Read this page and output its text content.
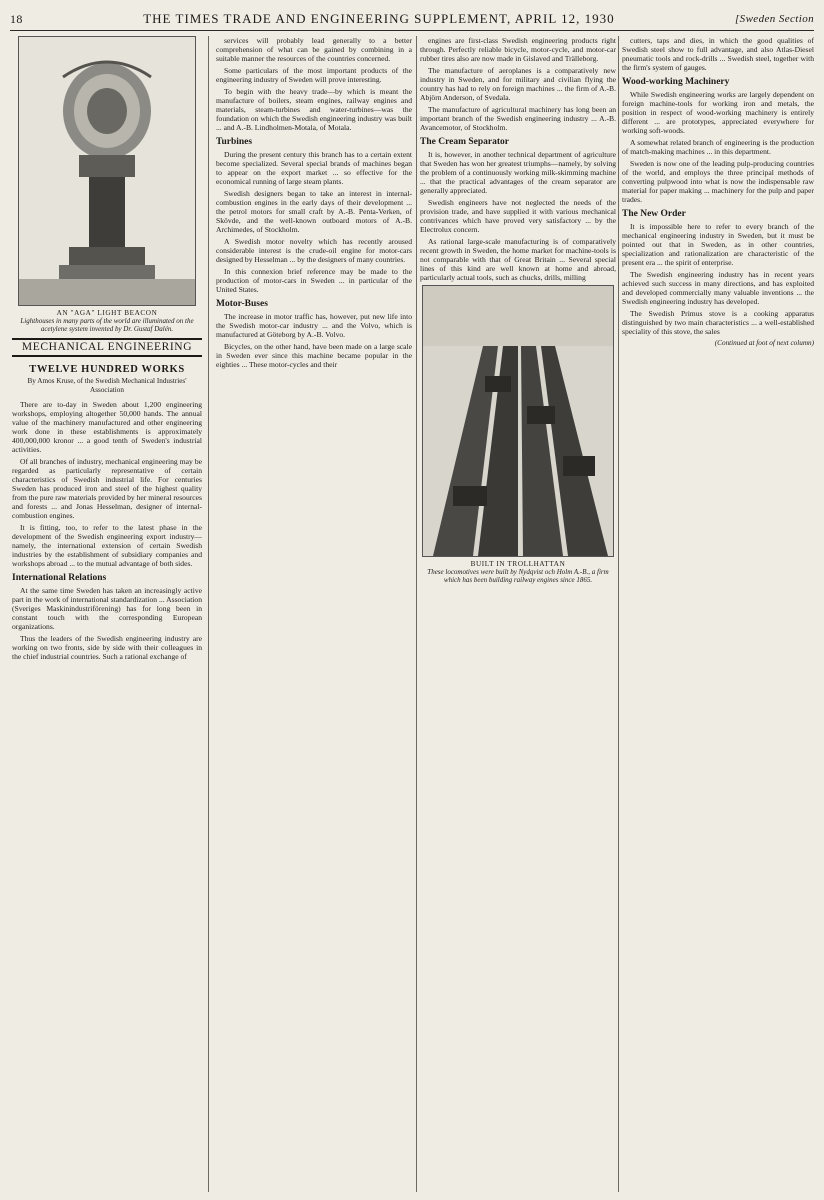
18	THE TIMES TRADE AND ENGINEERING SUPPLEMENT, APRIL 12, 1930	[Sweden Section
AN "AGA" LIGHT BEACON
Lighthouses in many parts of the world are illuminated on the acetylene system invented by Dr. Gustaf Dalén.
MECHANICAL ENGINEERING
TWELVE HUNDRED WORKS
By Amos Kruse, of the Swedish Mechanical Industries' Association

There are to-day in Sweden about 1,200 engineering workshops, employing altogether 50,000 hands. The annual value of the machinery manufactured and other engineering work done in these establishments is approximately 400,000,000 kronor ... a good tenth of Sweden's industrial activities.

Of all branches of industry, mechanical engineering may be regarded as particularly representative of certain characteristics of Swedish industrial life. For centuries Sweden has produced iron and steel of the highest quality from the pure raw materials provided by her mineral resources and forests ... and Jonas Hesselman, designer of internal-combustion engines.

It is fitting, too, to refer to the latest phase in the development of the Swedish engineering export industry—namely, the international extension of certain Swedish industries by the establishment of subsidiary companies and workshops abroad ... to the mutual advantage of both sides.

International Relations

At the same time Sweden has taken an increasingly active part in the work of international standardization ... Association (Sveriges Maskinindustriförening) has for long been in constant touch with the corresponding European organizations.

Thus the leaders of the Swedish engineering industry are working on two fronts, side by side with their colleagues in the chief industrial countries. Such a rational exchange of

services will probably lead generally to a better comprehension of what can be gained by combining in a suitable manner the resources of the countries concerned.

Some particulars of the most important products of the engineering industry of Sweden will prove interesting.

To begin with the heavy trade—by which is meant the manufacture of boilers, steam engines, railway engines and materials, steam-turbines and water-turbines—was the foundation on which the Swedish engineering industry was built ... and A.-B. Lindholmen-Motala, of Motala.

Turbines

During the present century this branch has to a certain extent become specialized. Several special brands of machines began to appear on the export market ... so effective for the economical running of large steam plants.

Swedish designers began to take an interest in internal-combustion engines in the early days of their development ... the petrol motors for small craft by A.-B. Penta-Verken, of Skövde, and the well-known outboard motors of A.-B. Archimedes, of Stockholm.

A Swedish motor novelty which has recently aroused considerable interest is the crude-oil engine for motor-cars designed by Hesselman ... by the designers of many countries.

In this connexion brief reference may be made to the production of motor-cars in Sweden ... in particular of the United States.

Motor-Buses

The increase in motor traffic has, however, put new life into the Swedish motor-car industry ... and the Volvo, which is manufactured at Göteborg by A.-B. Volvo.

Bicycles, on the other hand, have been made on a large scale in Sweden ever since this machine became popular in the eighties ... These motor-cycles and their

engines are first-class Swedish engineering products right through. Perfectly reliable bicycle, motor-cycle, and motor-car rubber tires also are now made in Gislaved and Trälleborg.

The manufacture of aeroplanes is a comparatively new industry in Sweden, and for military and civilian flying the country has had to rely on foreign machines ... the firm of A.-B. Abjörn Anderson, of Svedala.

The manufacture of agricultural machinery has long been an important branch of the Swedish engineering industry ... A.-B. Avancemotor, of Stockholm.

The Cream Separator

It is, however, in another technical department of agriculture that Sweden has won her greatest triumphs—namely, by solving the problem of a continuously working milk-skimming machine ... that the practical advantages of the cream separator are generally appreciated.

Swedish engineers have not neglected the needs of the provision trade, and have supplied it with various mechanical contrivances which have proved very satisfactory ... by the Electrolux concern.

As rational large-scale manufacturing is of comparatively recent growth in Sweden, the home market for machine-tools is not comparable with that of Great Britain ... Several special lines of this kind are well known at home and abroad, particularly actual tools, such as chucks, drills, milling

BUILT IN TROLLHATTAN
These locomotives were built by Nydqvist och Holm A.-B., a firm which has been building railway engines since 1865.

cutters, taps and dies, in which the good qualities of Swedish steel show to full advantage, and also Atlas-Diesel pneumatic tools and rock-drills ... Swedish steel, together with the firm's system of gauges.

Wood-working Machinery

While Swedish engineering works are largely dependent on foreign machine-tools for working iron and metals, the position in respect of wood-working machinery is entirely different ... are prototypes, appreciated everywhere for working soft-woods.

A somewhat related branch of engineering is the production of match-making machines ... in this department.

Sweden is now one of the leading pulp-producing countries of the world, and employs the three principal methods of converting pulpwood into what is now the indispensable raw material for paper making ... machinery for the pulp and paper trades.

The New Order

It is impossible here to refer to every branch of the mechanical engineering industry in Sweden, but it must be pointed out that in Sweden, as in other countries, specialization and rationalization are characteristic of the present era ... the spirit of enterprise.

The Swedish engineering industry has in recent years achieved such success in many directions, and has exploited and developed commercially many valuable inventions ... the Swedish engineering industry has developed.

The Swedish Primus stove is a cooking apparatus distinguished by two main characteristics ... a well-established speciality of this stove, the sales

(Continued at foot of next column)
